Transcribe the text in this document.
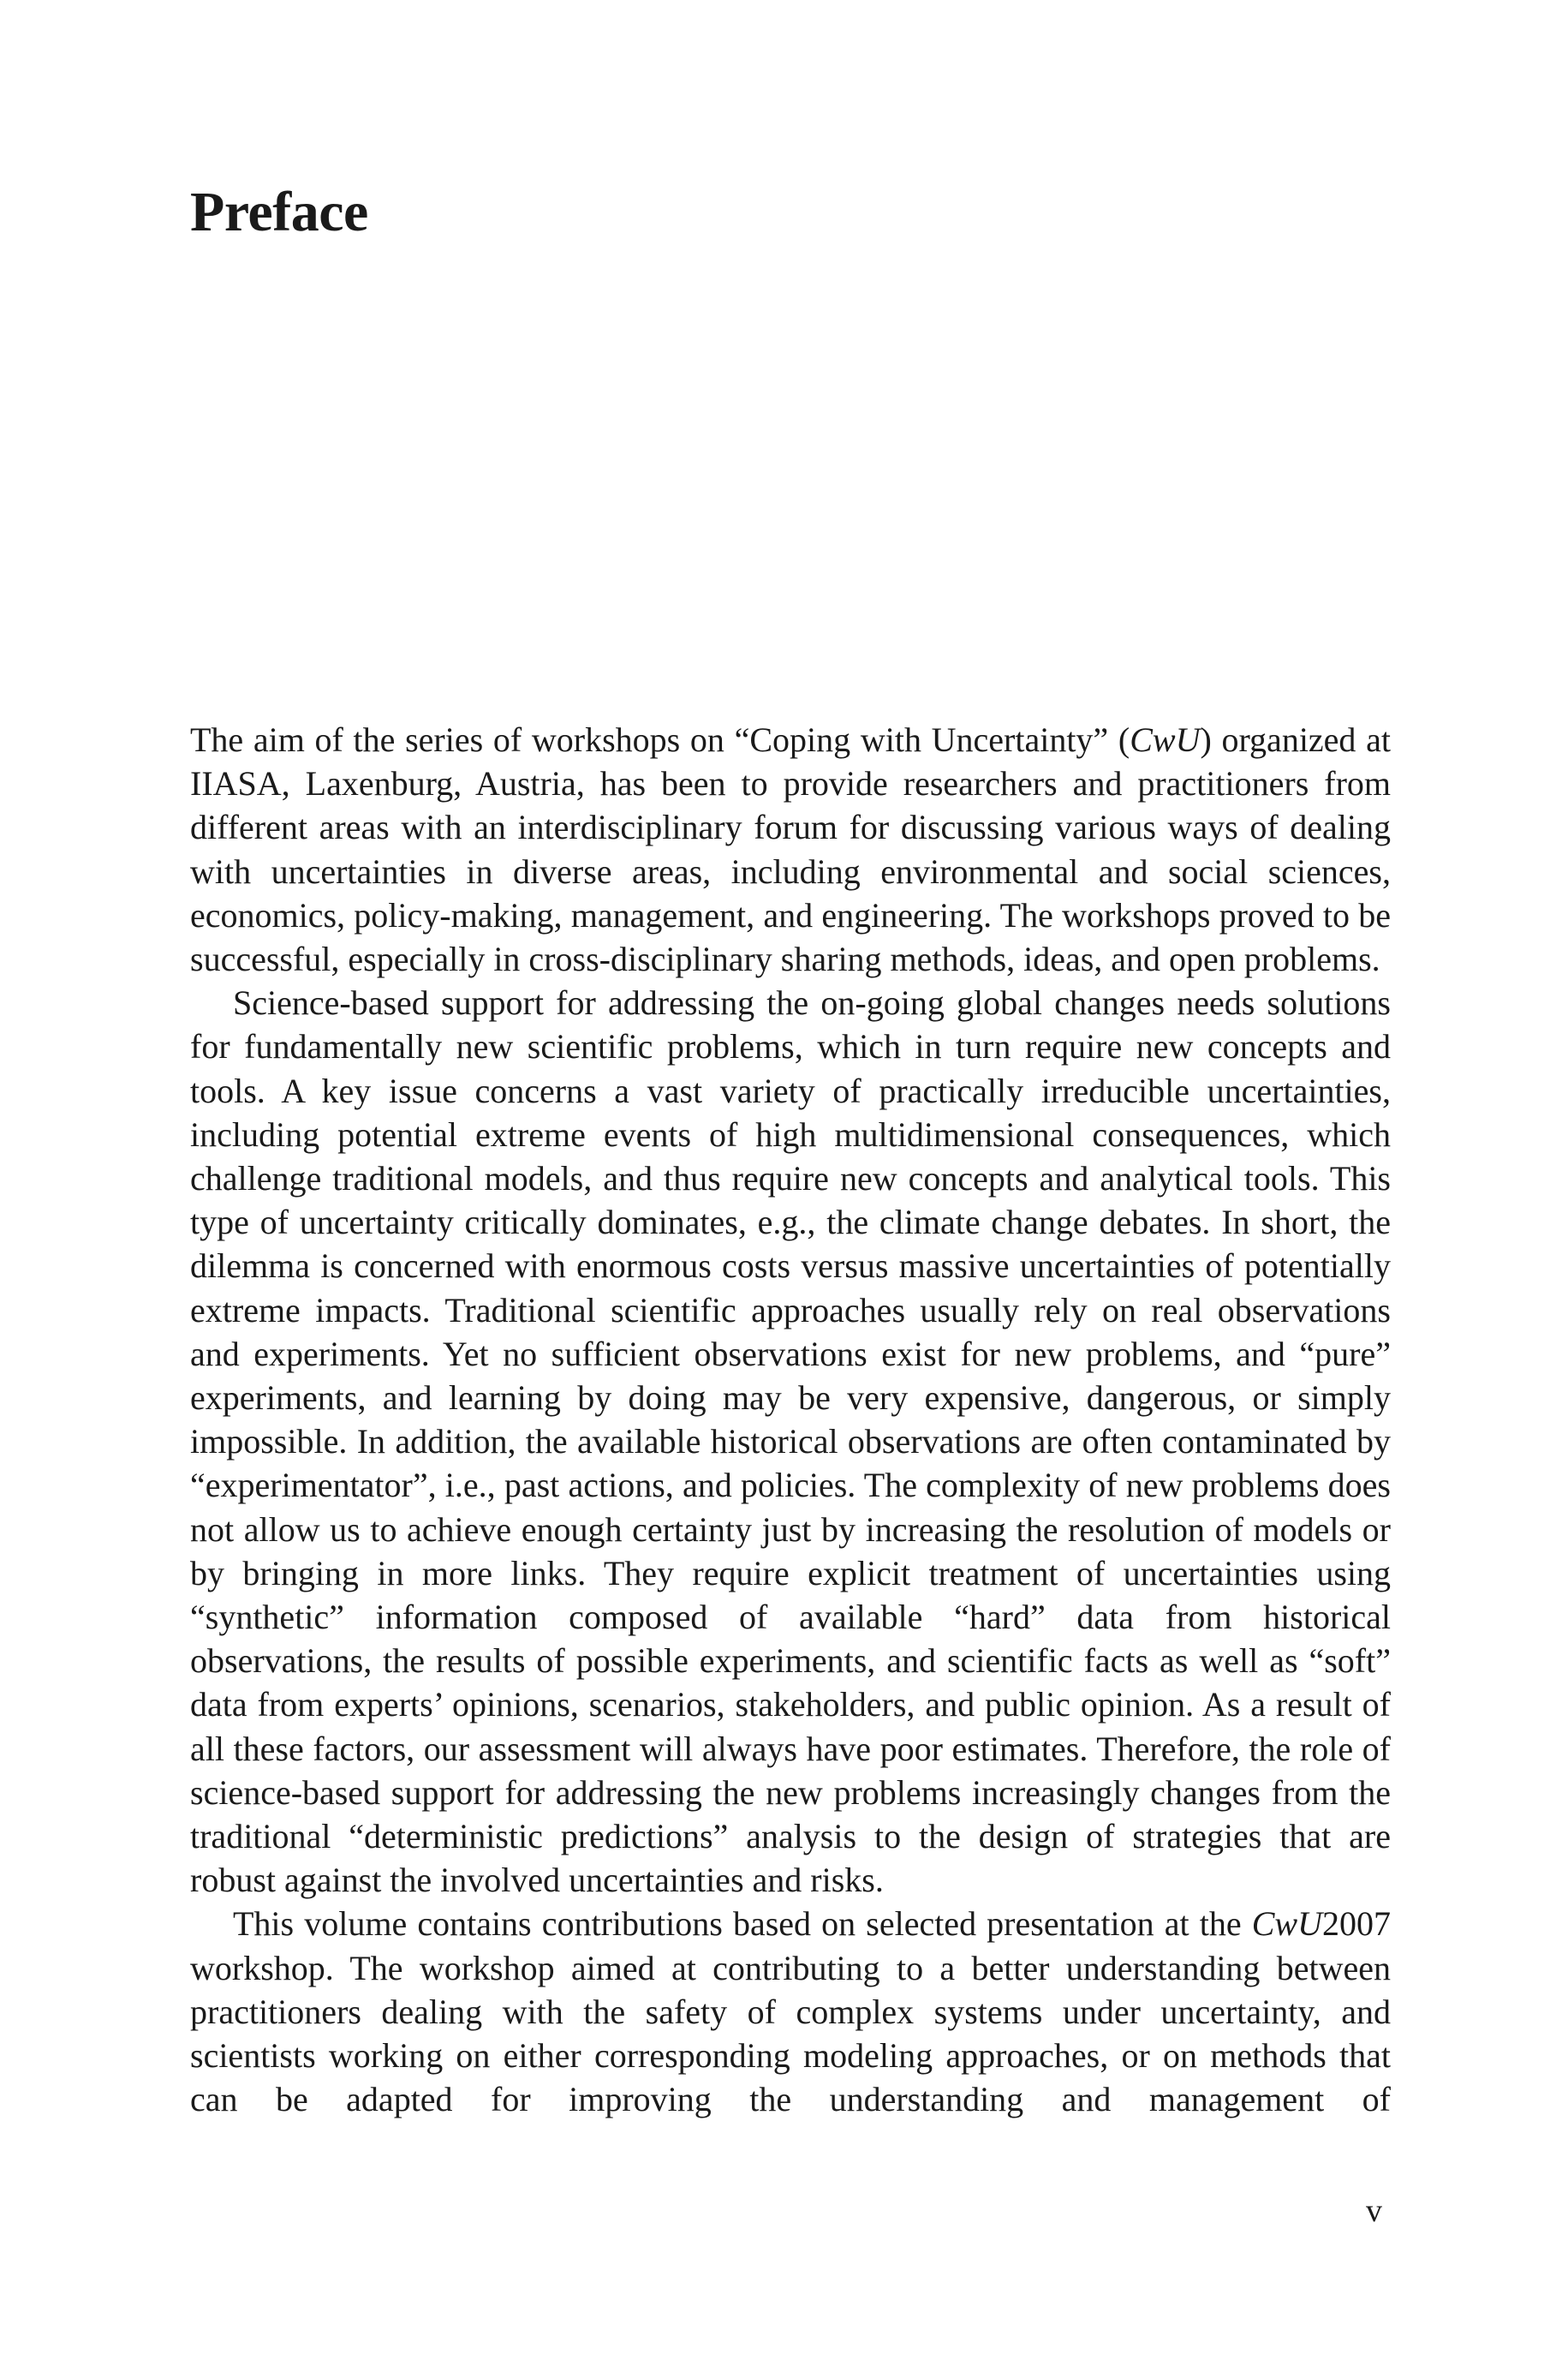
Preface

The aim of the series of workshops on “Coping with Uncertainty” (CwU) organized at IIASA, Laxenburg, Austria, has been to provide researchers and practitioners from different areas with an interdisciplinary forum for discussing various ways of dealing with uncertainties in diverse areas, including environmental and social sciences, economics, policy-making, management, and engineering. The workshops proved to be successful, especially in cross-disciplinary sharing methods, ideas, and open problems.

Science-based support for addressing the on-going global changes needs solutions for fundamentally new scientific problems, which in turn require new concepts and tools. A key issue concerns a vast variety of practically irreducible uncertainties, including potential extreme events of high multidimensional consequences, which challenge traditional models, and thus require new concepts and analytical tools. This type of uncertainty critically dominates, e.g., the climate change debates. In short, the dilemma is concerned with enormous costs versus massive uncertainties of potentially extreme impacts. Traditional scientific approaches usually rely on real observations and experiments. Yet no sufficient observations exist for new problems, and “pure” experiments, and learning by doing may be very expensive, dangerous, or simply impossible. In addition, the available historical observations are often contaminated by “experimentator”, i.e., past actions, and policies. The complexity of new problems does not allow us to achieve enough certainty just by increasing the resolution of models or by bringing in more links. They require explicit treatment of uncertainties using “synthetic” information composed of available “hard” data from historical observations, the results of possible experiments, and scientific facts as well as “soft” data from experts’ opinions, scenarios, stakeholders, and public opinion. As a result of all these factors, our assessment will always have poor estimates. Therefore, the role of science-based support for addressing the new problems increasingly changes from the traditional “deterministic predictions” analysis to the design of strategies that are robust against the involved uncertainties and risks.

This volume contains contributions based on selected presentation at the CwU2007 workshop. The workshop aimed at contributing to a better understanding between practitioners dealing with the safety of complex systems under uncertainty, and scientists working on either corresponding modeling approaches, or on methods that can be adapted for improving the understanding and management of

v
